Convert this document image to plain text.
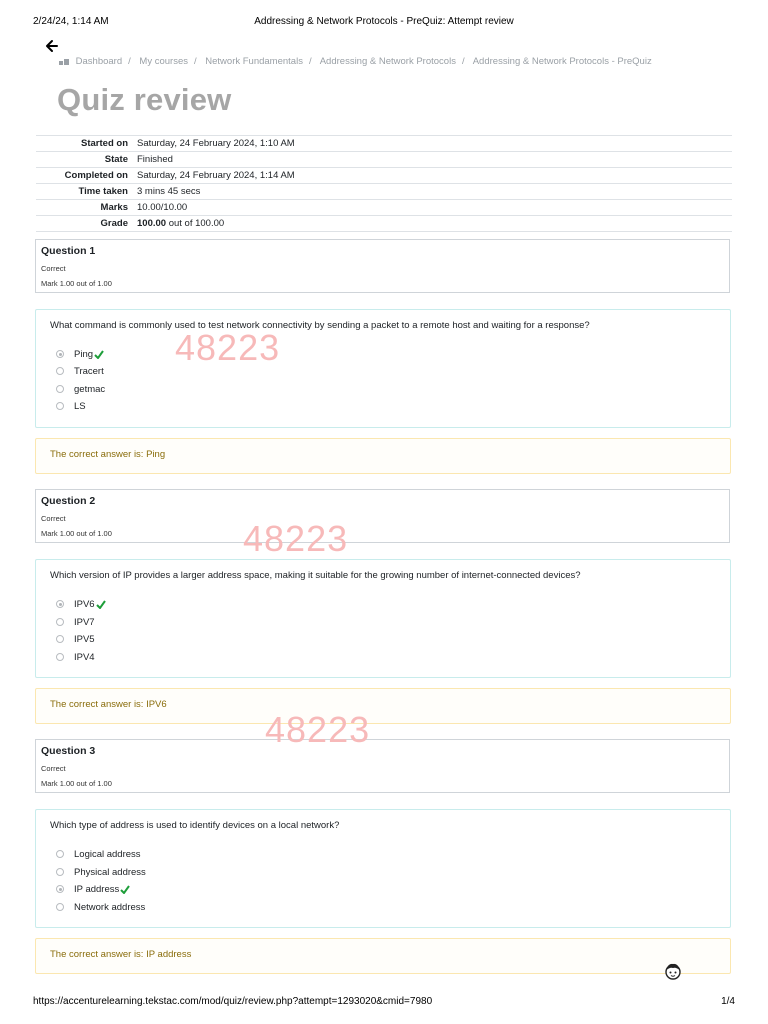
2/24/24, 1:14 AM	Addressing & Network Protocols - PreQuiz: Attempt review
Dashboard / My courses / Network Fundamentals / Addressing & Network Protocols / Addressing & Network Protocols - PreQuiz
Quiz review
Started on	Saturday, 24 February 2024, 1:10 AM
State	Finished
Completed on	Saturday, 24 February 2024, 1:14 AM
Time taken	3 mins 45 secs
Marks	10.00/10.00
Grade	100.00 out of 100.00
Question 1
Correct
Mark 1.00 out of 1.00
What command is commonly used to test network connectivity by sending a packet to a remote host and waiting for a response?
Ping
Tracert
getmac
LS
The correct answer is: Ping
Question 2
Correct
Mark 1.00 out of 1.00
Which version of IP provides a larger address space, making it suitable for the growing number of internet-connected devices?
IPV6
IPV7
IPV5
IPV4
The correct answer is: IPV6
Question 3
Correct
Mark 1.00 out of 1.00
Which type of address is used to identify devices on a local network?
Logical address
Physical address
IP address
Network address
The correct answer is: IP address
48223
48223
48223
https://accenturelearning.tekstac.com/mod/quiz/review.php?attempt=1293020&cmid=7980	1/4
